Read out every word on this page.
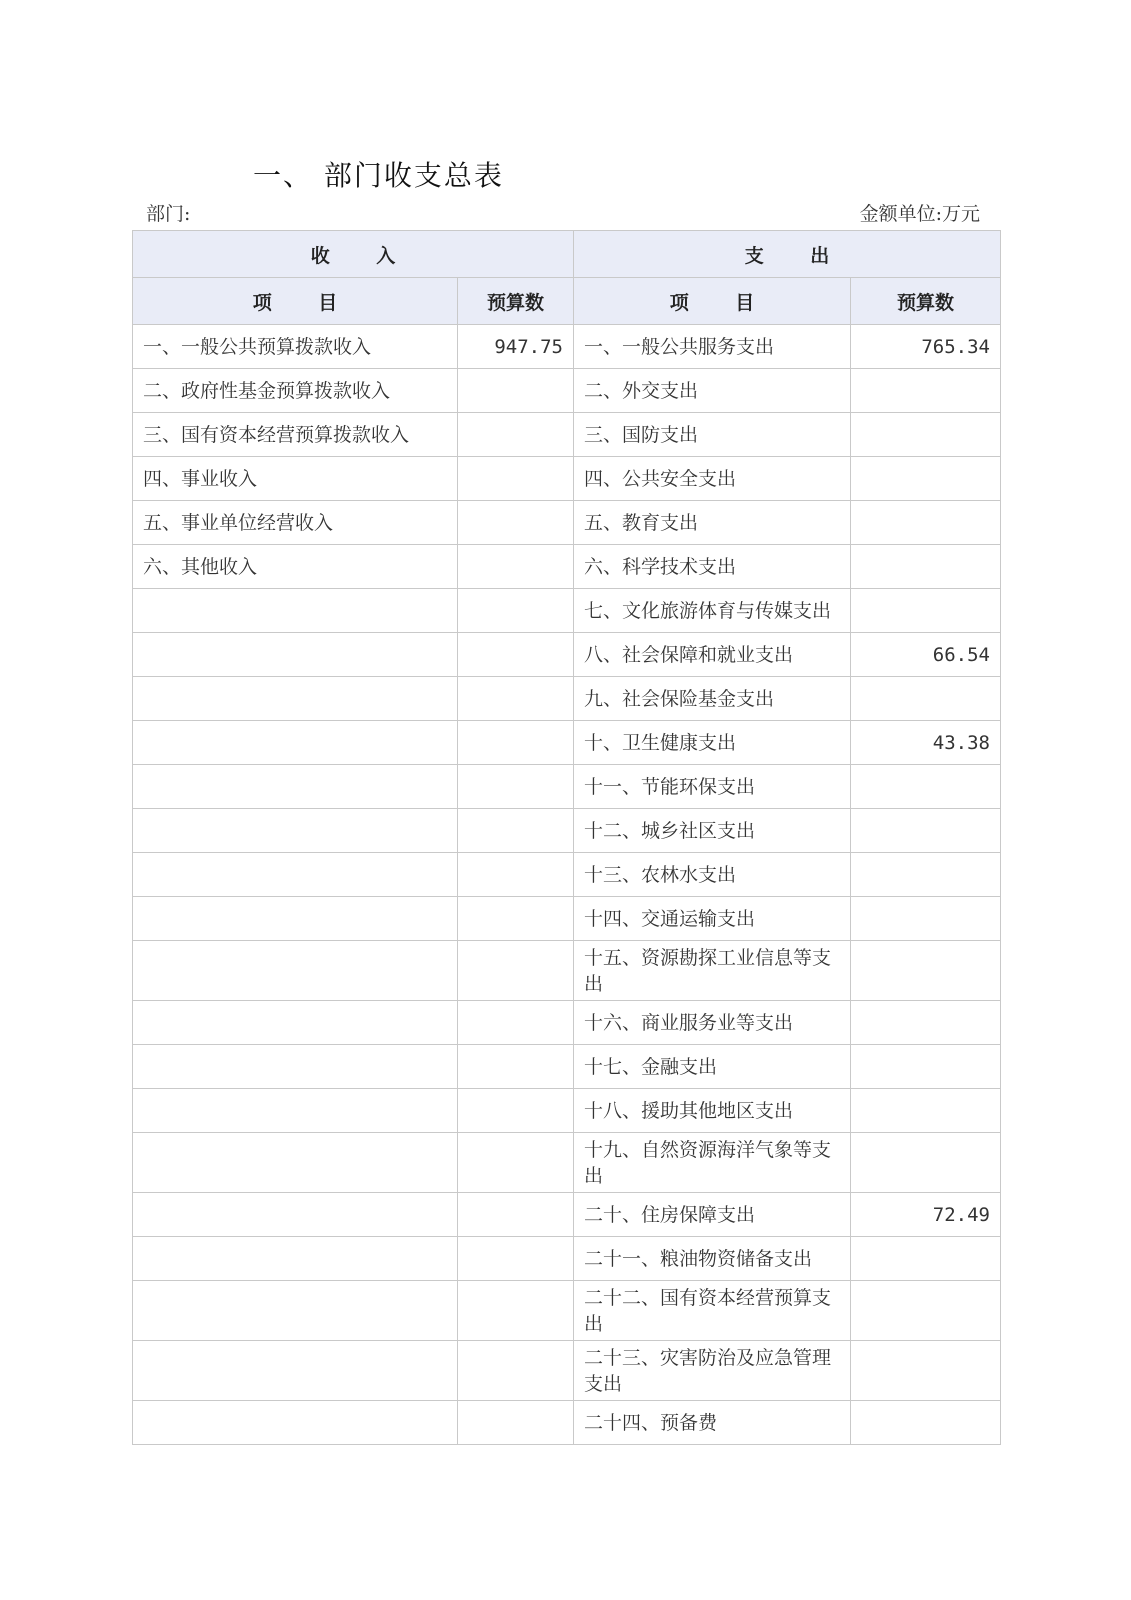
一、 部门收支总表
部门:	金额单位:万元
收 入		支 出	
项 目	预算数	项 目	预算数
一、一般公共预算拨款收入	947.75	一、一般公共服务支出	765.34
二、政府性基金预算拨款收入		二、外交支出	
三、国有资本经营预算拨款收入		三、国防支出	
四、事业收入		四、公共安全支出	
五、事业单位经营收入		五、教育支出	
六、其他收入		六、科学技术支出	
		七、文化旅游体育与传媒支出	
		八、社会保障和就业支出	66.54
		九、社会保险基金支出	
		十、卫生健康支出	43.38
		十一、节能环保支出	
		十二、城乡社区支出	
		十三、农林水支出	
		十四、交通运输支出	
		十五、资源勘探工业信息等支出	
		十六、商业服务业等支出	
		十七、金融支出	
		十八、援助其他地区支出	
		十九、自然资源海洋气象等支出	
		二十、住房保障支出	72.49
		二十一、粮油物资储备支出	
		二十二、国有资本经营预算支出	
		二十三、灾害防治及应急管理支出	
		二十四、预备费	
